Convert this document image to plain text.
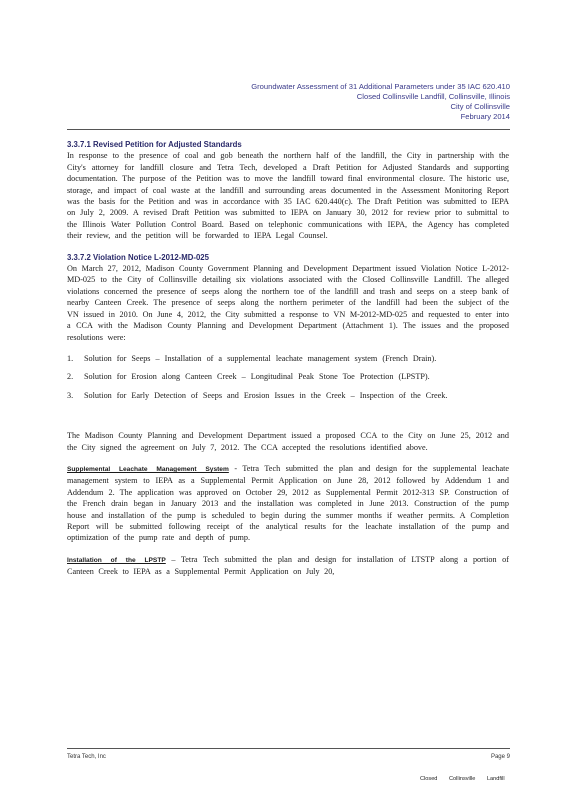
Groundwater Assessment of 31 Additional Parameters under 35 IAC 620.410
Closed Collinsville Landfill, Collinsville, Illinois
City of Collinsville
February 2014

3.3.7.1 Revised Petition for Adjusted Standards

In response to the presence of coal and gob beneath the northern half of the landfill, the City in partnership with the City's attorney for landfill closure and Tetra Tech, developed a Draft Petition for Adjusted Standards and supporting documentation. The purpose of the Petition was to move the landfill toward final environmental closure. The historic use, storage, and impact of coal waste at the landfill and surrounding areas documented in the Assessment Monitoring Report was the basis for the Petition and was in accordance with 35 IAC 620.440(c). The Draft Petition was submitted to IEPA on July 2, 2009. A revised Draft Petition was submitted to IEPA on January 30, 2012 for review prior to submittal to the Illinois Water Pollution Control Board. Based on telephonic communications with IEPA, the Agency has completed their review, and the petition will be forwarded to IEPA Legal Counsel.

3.3.7.2 Violation Notice L-2012-MD-025

On March 27, 2012, Madison County Government Planning and Development Department issued Violation Notice L-2012-MD-025 to the City of Collinsville detailing six violations associated with the Closed Collinsville Landfill. The alleged violations concerned the presence of seeps along the northern toe of the landfill and trash and seeps on a steep bank of nearby Canteen Creek. The presence of seeps along the northern perimeter of the landfill had been the subject of the VN issued in 2010. On June 4, 2012, the City submitted a response to VN M-2012-MD-025 and requested to enter into a CCA with the Madison County Planning and Development Department (Attachment 1). The issues and the proposed resolutions were:

1. Solution for Seeps – Installation of a supplemental leachate management system (French Drain).
2. Solution for Erosion along Canteen Creek – Longitudinal Peak Stone Toe Protection (LPSTP).
3. Solution for Early Detection of Seeps and Erosion Issues in the Creek – Inspection of the Creek.

The Madison County Planning and Development Department issued a proposed CCA to the City on June 25, 2012 and the City signed the agreement on July 7, 2012. The CCA accepted the resolutions identified above.

Supplemental Leachate Management System - Tetra Tech submitted the plan and design for the supplemental leachate management system to IEPA as a Supplemental Permit Application on June 28, 2012 followed by Addendum 1 and Addendum 2. The application was approved on October 29, 2012 as Supplemental Permit 2012-313 SP. Construction of the French drain began in January 2013 and the installation was completed in June 2013. Construction of the pump house and installation of the pump is scheduled to begin during the summer months if weather permits. A Completion Report will be submitted following receipt of the analytical results for the leachate installation of the pump and optimization of the pump rate and depth of pump.

Installation of the LPSTP – Tetra Tech submitted the plan and design for installation of LTSTP along a portion of Canteen Creek to IEPA as a Supplemental Permit Application on July 20,

Tetra Tech, Inc	Page 9
Closed Collinsville Landfill
